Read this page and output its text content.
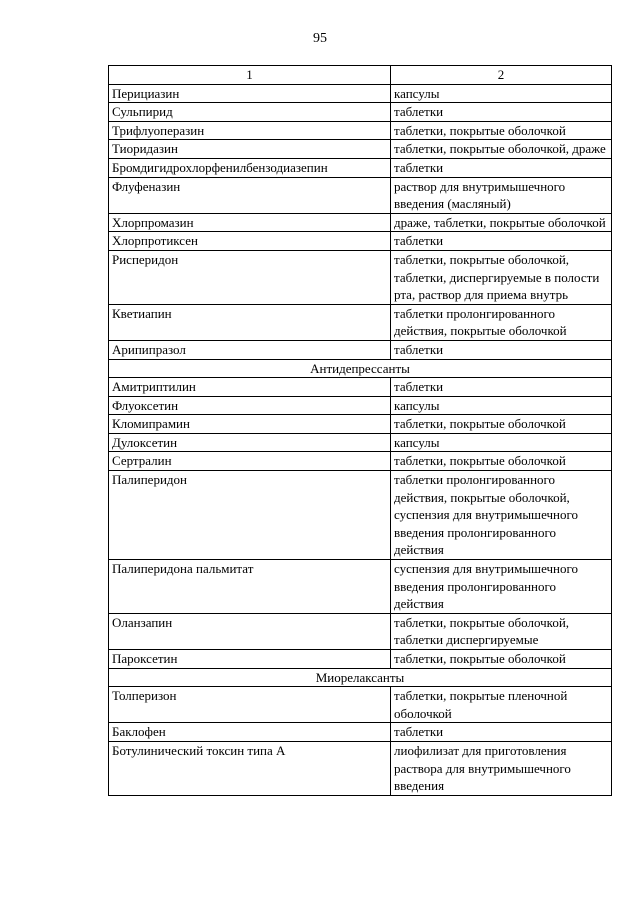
95
1	2
Перициазин	капсулы
Сульпирид	таблетки
Трифлуоперазин	таблетки, покрытые оболочкой
Тиоридазин	таблетки, покрытые оболочкой, драже
Бромдигидрохлорфенилбензодиазепин	таблетки
Флуфеназин	раствор для внутримышечного введения (масляный)
Хлорпромазин	драже, таблетки, покрытые оболочкой
Хлорпротиксен	таблетки
Рисперидон	таблетки, покрытые оболочкой, таблетки, диспергируемые в полости рта, раствор для приема внутрь
Кветиапин	таблетки пролонгированного действия, покрытые оболочкой
Арипипразол	таблетки
Антидепрессанты	
Амитриптилин	таблетки
Флуоксетин	капсулы
Кломипрамин	таблетки, покрытые оболочкой
Дулоксетин	капсулы
Сертралин	таблетки, покрытые оболочкой
Палиперидон	таблетки пролонгированного действия, покрытые оболочкой, суспензия для внутримышечного введения пролонгированного действия
Палиперидона пальмитат	суспензия для внутримышечного введения пролонгированного действия
Оланзапин	таблетки, покрытые оболочкой, таблетки диспергируемые
Пароксетин	таблетки, покрытые оболочкой
Миорелаксанты	
Толперизон	таблетки, покрытые пленочной оболочкой
Баклофен	таблетки
Ботулинический токсин типа А	лиофилизат для приготовления раствора для внутримышечного введения
